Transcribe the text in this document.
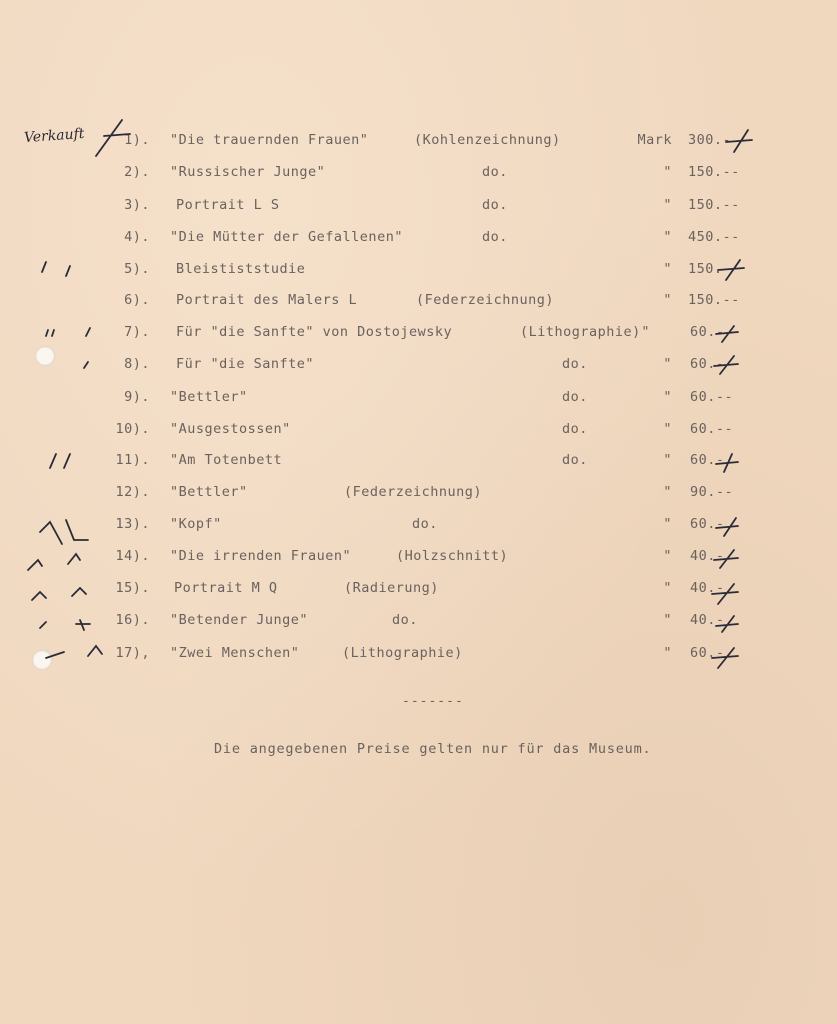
Verkauft	1). "Die trauernden Frauen"	(Kohlenzeichnung)	Mark 300.-
2). "Russischer Junge"	do.	" 150.--
3). Portrait L S	do.	" 150.--
4). "Die Mütter der Gefallenen"	do.	" 450.--
5). Bleististstudie	" 150.-
6). Portrait des Malers L	(Federzeichnung)	" 150.--
7). Für "die Sanfte" von Dostojewsky	(Lithographie) "	60.-
8). Für "die Sanfte"	do.	" 60.-
9). "Bettler"	do.	" 60.--
10). "Ausgestossen"	do.	" 60.--
11). "Am Totenbett	do.	" 60.-
12). "Bettler"	(Federzeichnung)	" 90.--
13). "Kopf"	do.	" 60.-
14). "Die irrenden Frauen"	(Holzschnitt)	" 40.-
15). Portrait M Q	(Radierung)	" 40.-
16). "Betender Junge"	do.	" 40.-
17), "Zwei Menschen"	(Lithographie)	" 60.-
-------
Die angegebenen Preise gelten nur für das Museum.
